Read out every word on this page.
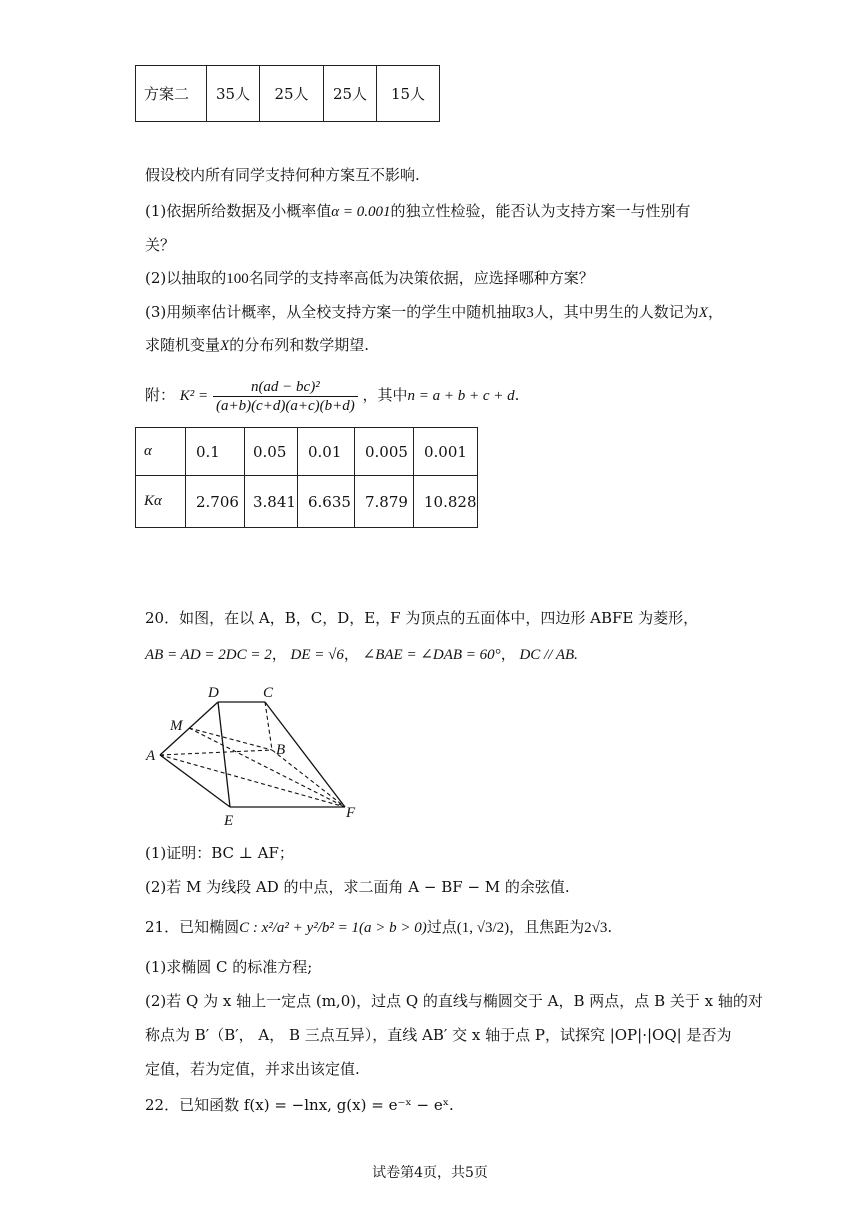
方案二	35人	25人	25人	15人
假设校内所有同学支持何种方案互不影响.
(1)依据所给数据及小概率值α = 0.001的独立性检验，能否认为支持方案一与性别有
关？
(2)以抽取的100名同学的支持率高低为决策依据，应选择哪种方案？
(3)用频率估计概率，从全校支持方案一的学生中随机抽取3人，其中男生的人数记为X，
求随机变量X的分布列和数学期望.
附： $K^2 = \frac{\text{n(ad − bc)²}}{(a+b)(c+d)(a+c)(b+d)}$ ，其中n = a + b + c + d.
α	0.1	0.05	0.01	0.005	0.001
Kα	2.706	3.841	6.635	7.879	10.828
20．如图，在以 A，B，C，D，E，F 为顶点的五面体中，四边形 ABFE 为菱形，
AB = AD = 2DC = 2， DE = √6， ∠BAE = ∠DAB = 60°， DC // AB.
D	C
M
B
A
E	F
(1)证明：BC ⊥ AF；
(2)若 M 为线段 AD 的中点，求二面角 A − BF − M 的余弦值.
21．已知椭圆C : x²/a² + y²/b² = 1(a > b > 0)过点(1, √3/2)，且焦距为2√3.
(1)求椭圆 C 的标准方程;
(2)若 Q 为 x 轴上一定点 (m,0)，过点 Q 的直线与椭圆交于 A，B 两点，点 B 关于 x 轴的对
称点为 B′（B′， A， B 三点互异），直线 AB′ 交 x 轴于点 P，试探究 |OP|·|OQ| 是否为
定值，若为定值，并求出该定值.
22．已知函数 f(x) = −lnx, g(x) = e⁻ˣ − eˣ.
试卷第4页，共5页
